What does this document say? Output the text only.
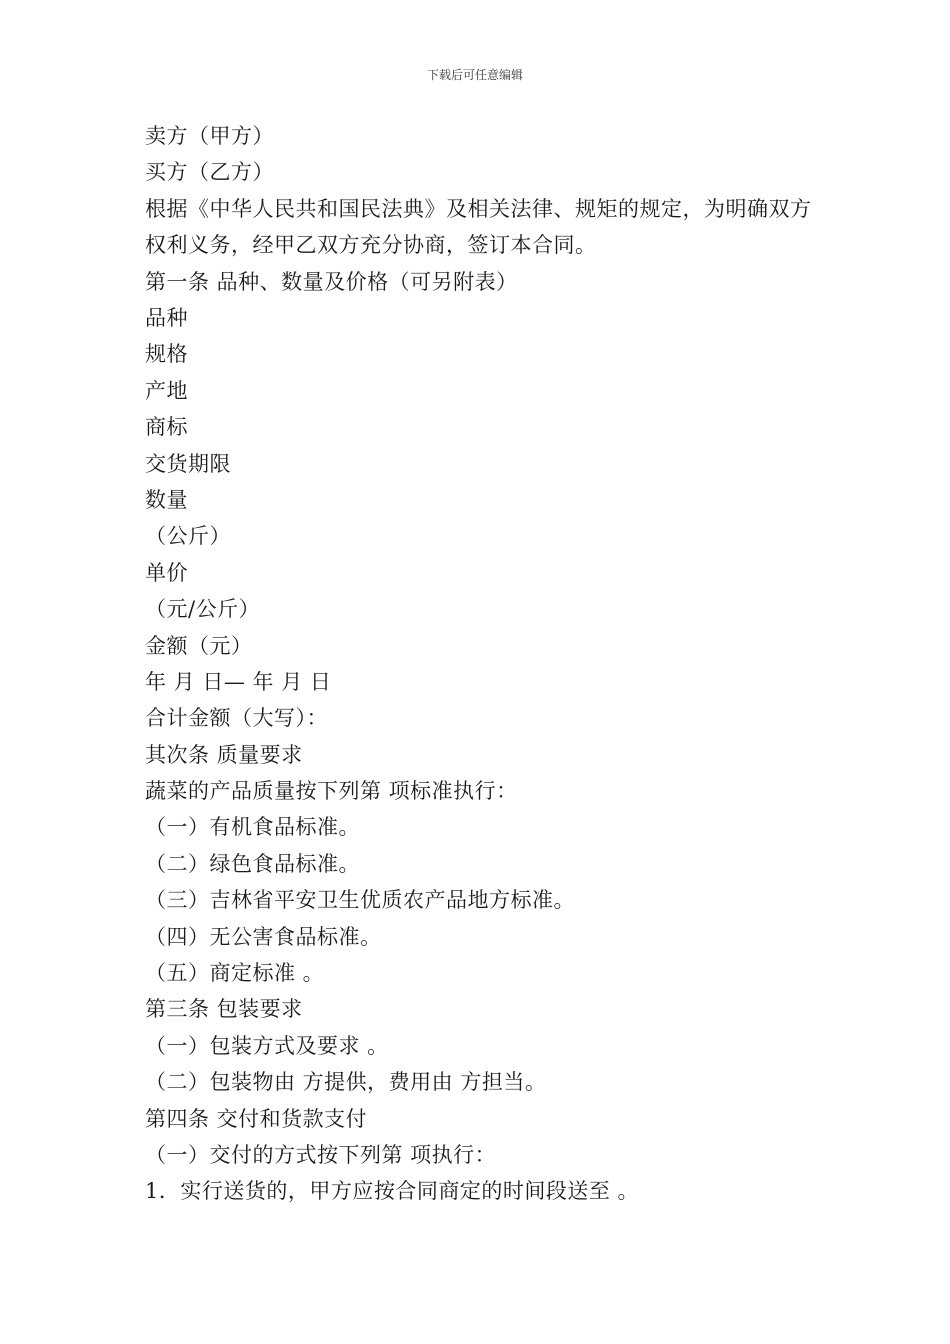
下载后可任意编辑
卖方（甲方）
买方（乙方）
根据《中华人民共和国民法典》及相关法律、规矩的规定，为明确双方权利义务，经甲乙双方充分协商，签订本合同。
第一条 品种、数量及价格（可另附表）
品种
规格
产地
商标
交货期限
数量
（公斤）
单价
（元/公斤）
金额（元）
年 月 日— 年 月 日
合计金额（大写）：
其次条 质量要求
蔬菜的产品质量按下列第 项标准执行：
（一）有机食品标准。
（二）绿色食品标准。
（三）吉林省平安卫生优质农产品地方标准。
（四）无公害食品标准。
（五）商定标准 。
第三条 包装要求
（一）包装方式及要求 。
（二）包装物由 方提供，费用由 方担当。
第四条 交付和货款支付
（一）交付的方式按下列第 项执行：
1．实行送货的，甲方应按合同商定的时间段送至 。
